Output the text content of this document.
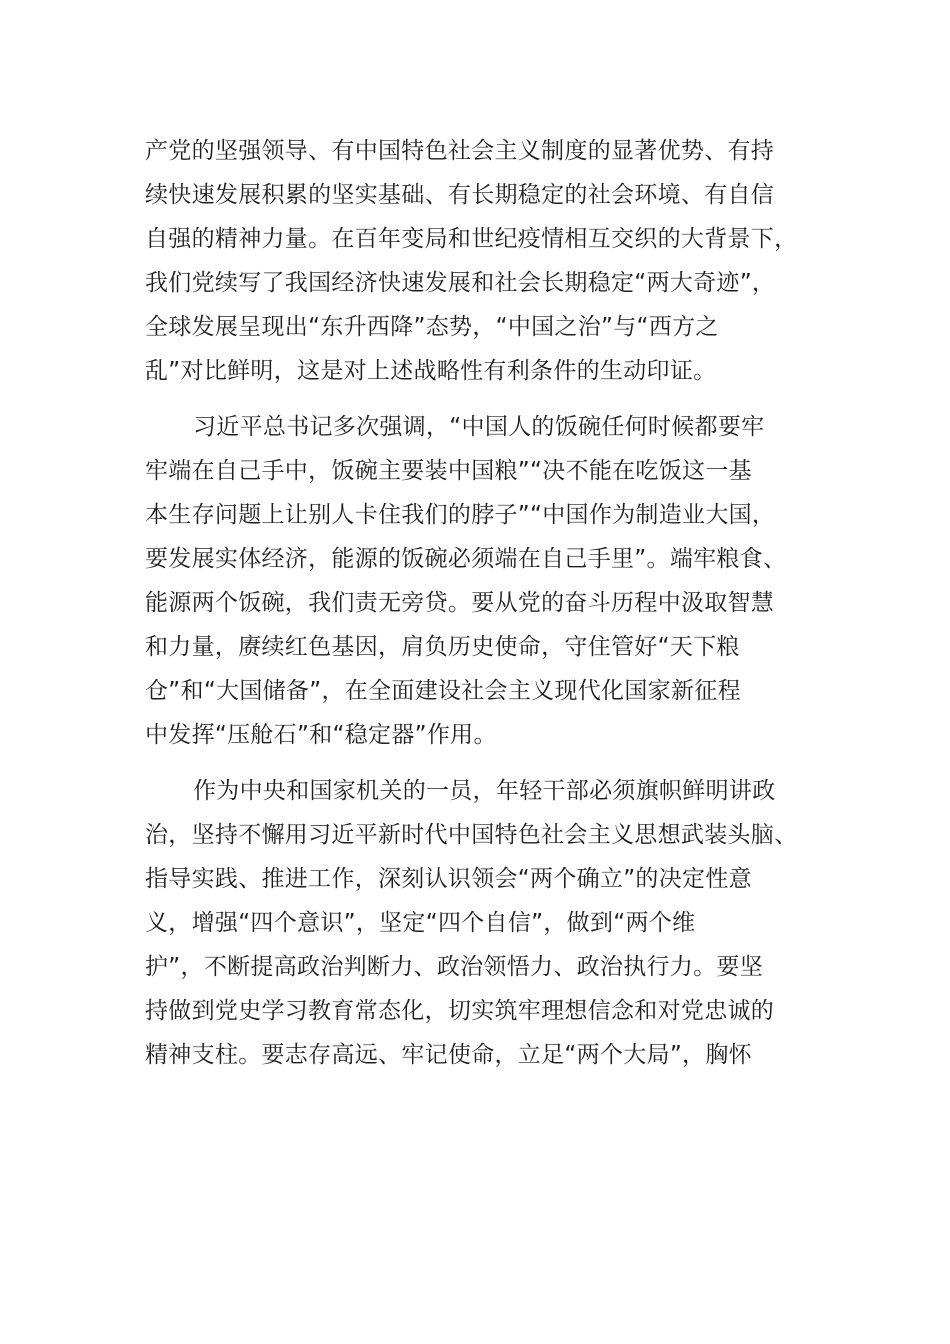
产党的坚强领导、有中国特色社会主义制度的显著优势、有持
续快速发展积累的坚实基础、有长期稳定的社会环境、有自信
自强的精神力量。在百年变局和世纪疫情相互交织的大背景下，
我们党续写了我国经济快速发展和社会长期稳定“两大奇迹”，
全球发展呈现出“东升西降”态势，“中国之治”与“西方之
乱”对比鲜明，这是对上述战略性有利条件的生动印证。

习近平总书记多次强调，“中国人的饭碗任何时候都要牢
牢端在自己手中，饭碗主要装中国粮”“决不能在吃饭这一基
本生存问题上让别人卡住我们的脖子”“中国作为制造业大国，
要发展实体经济，能源的饭碗必须端在自己手里”。端牢粮食、
能源两个饭碗，我们责无旁贷。要从党的奋斗历程中汲取智慧
和力量，赓续红色基因，肩负历史使命，守住管好“天下粮
仓”和“大国储备”，在全面建设社会主义现代化国家新征程
中发挥“压舱石”和“稳定器”作用。

作为中央和国家机关的一员，年轻干部必须旗帜鲜明讲政
治，坚持不懈用习近平新时代中国特色社会主义思想武装头脑、
指导实践、推进工作，深刻认识领会“两个确立”的决定性意
义，增强“四个意识”，坚定“四个自信”，做到“两个维
护”，不断提高政治判断力、政治领悟力、政治执行力。要坚
持做到党史学习教育常态化，切实筑牢理想信念和对党忠诚的
精神支柱。要志存高远、牢记使命，立足“两个大局”，胸怀
